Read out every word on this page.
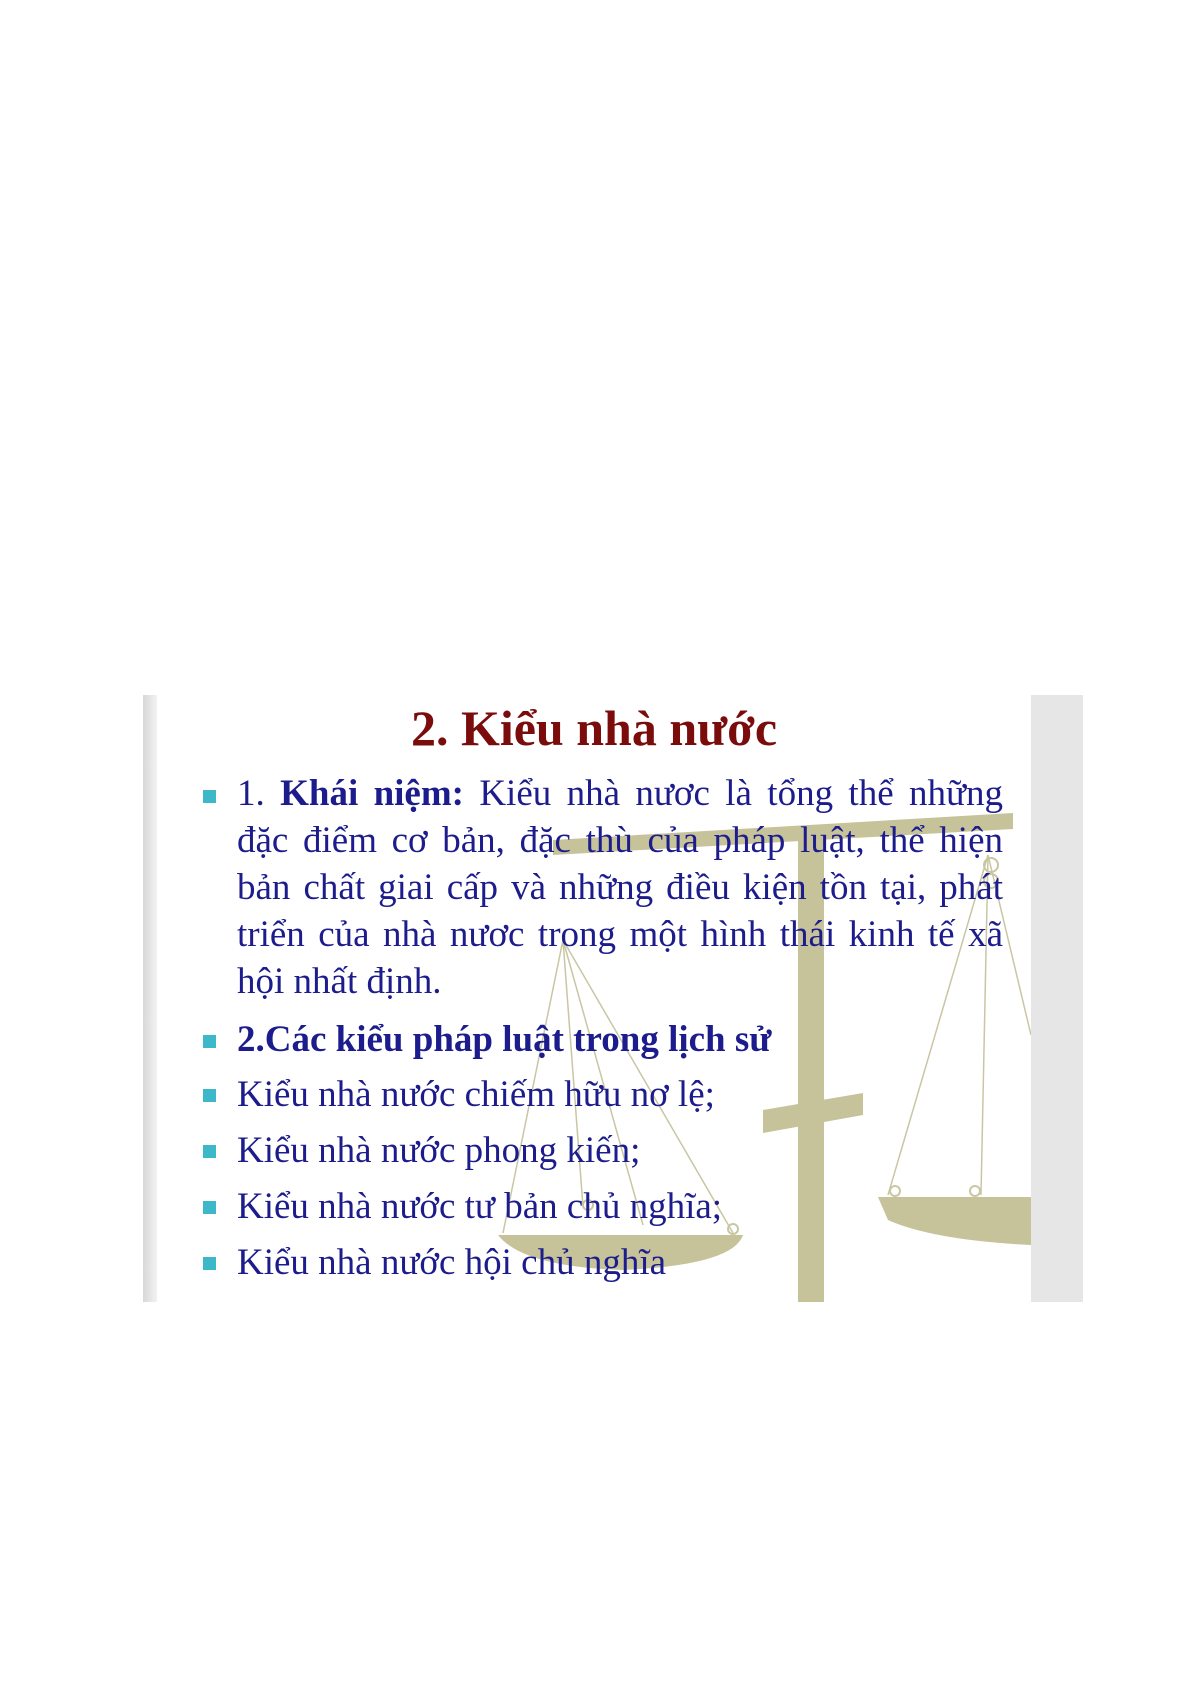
2. Kiểu nhà nước
1. Khái niệm: Kiểu nhà nươc là tổng thể những đặc điểm cơ bản, đặc thù của pháp luật, thể hiện bản chất giai cấp và những điều kiện tồn tại, phát triển của nhà nươc trong một hình thái kinh tế xã hội nhất định.
2.Các kiểu pháp luật trong lịch sử
Kiểu nhà nước chiếm hữu nơ lệ;
Kiểu nhà nước phong kiến;
Kiểu nhà nước tư bản chủ nghĩa;
Kiểu nhà nước hội chủ nghĩa
